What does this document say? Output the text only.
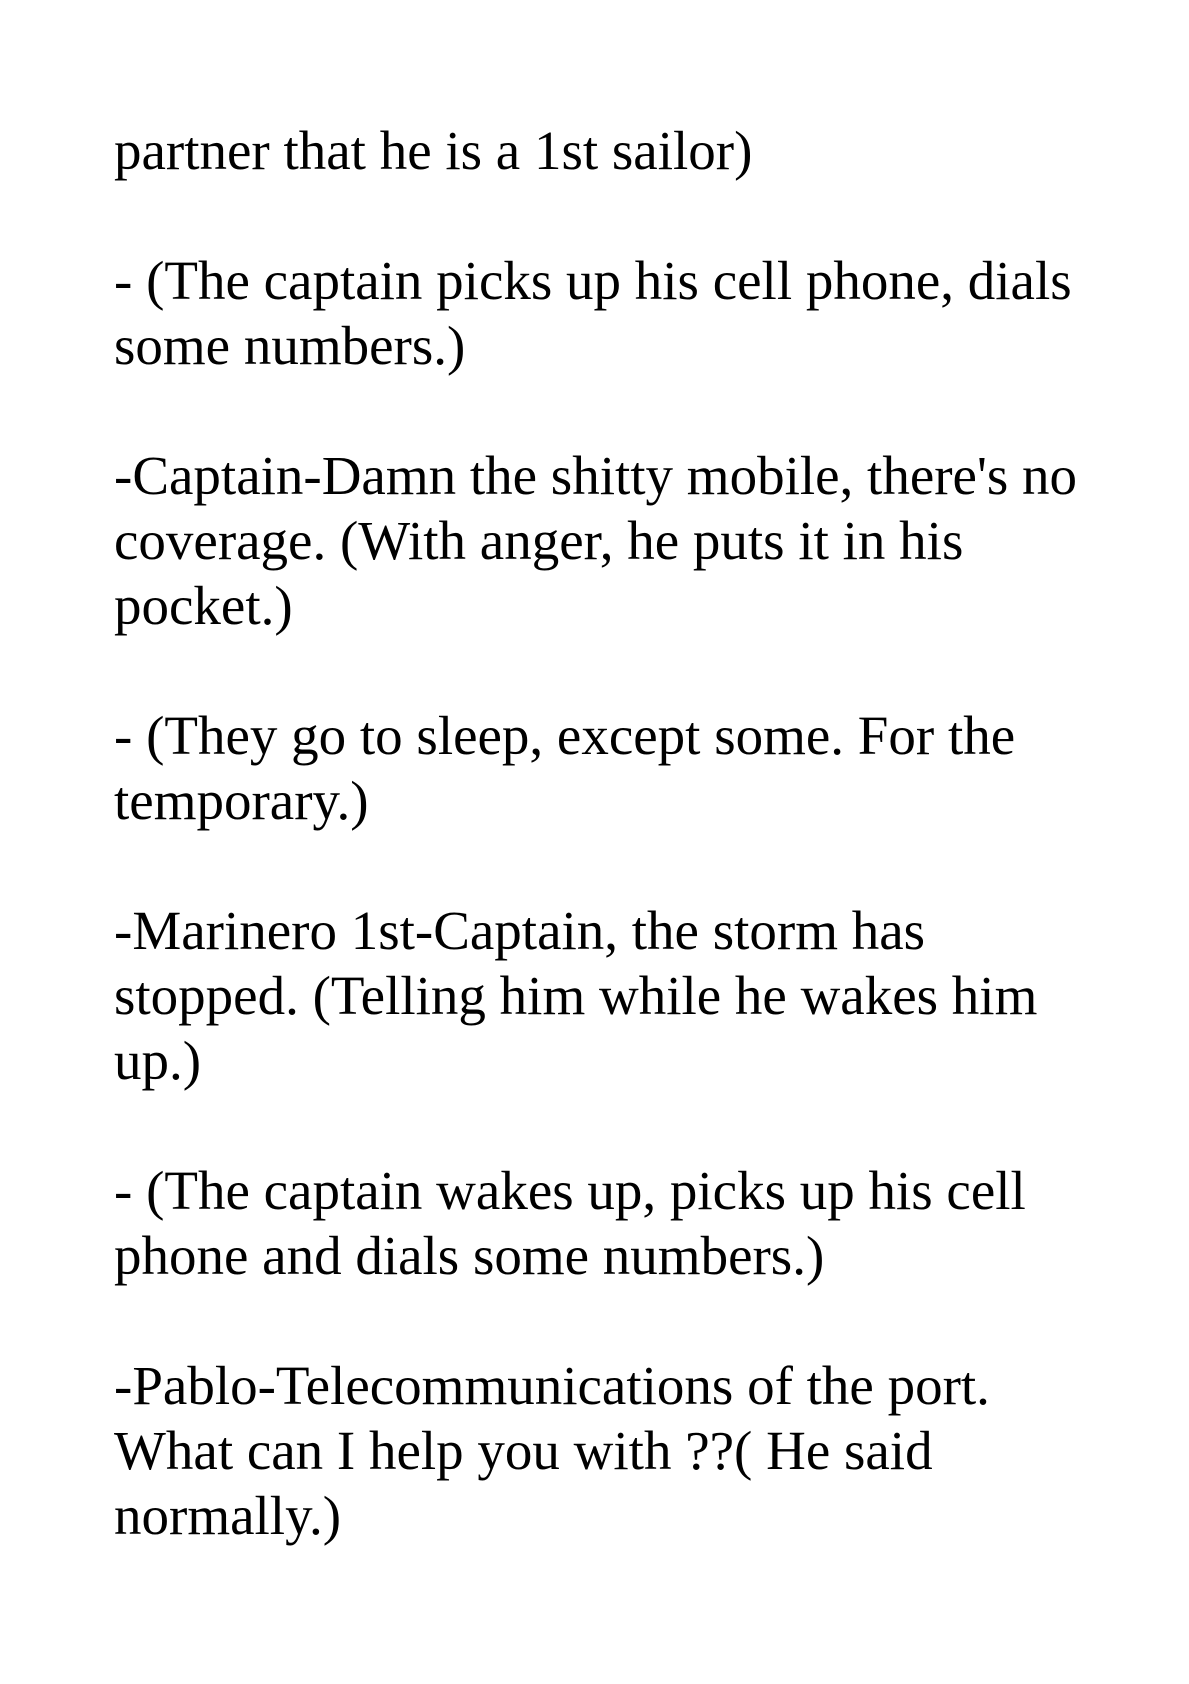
partner that he is a 1st sailor)

- (The captain picks up his cell phone, dials some numbers.)

-Captain-Damn the shitty mobile, there's no coverage. (With anger, he puts it in his pocket.)

- (They go to sleep, except some. For the temporary.)

-Marinero 1st-Captain, the storm has stopped. (Telling him while he wakes him up.)

- (The captain wakes up, picks up his cell phone and dials some numbers.)

-Pablo-Telecommunications of the port. What can I help you with ??( He said normally.)
